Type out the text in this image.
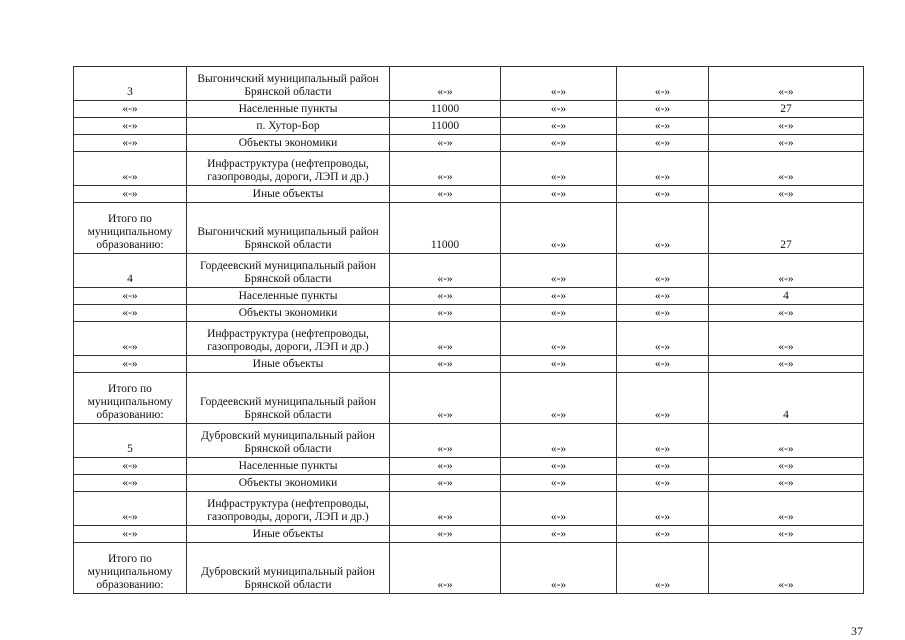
3	Выгоничский муниципальный район Брянской области	«-»	«-»	«-»	«-»
«-»	Населенные пункты	11000	«-»	«-»	27
«-»	п. Хутор-Бор	11000	«-»	«-»	«-»
«-»	Объекты экономики	«-»	«-»	«-»	«-»
«-»	Инфраструктура (нефтепроводы, газопроводы, дороги, ЛЭП и др.)	«-»	«-»	«-»	«-»
«-»	Иные объекты	«-»	«-»	«-»	«-»
Итого по муниципальному образованию:	Выгоничский муниципальный район Брянской области	11000	«-»	«-»	27
4	Гордеевский муниципальный район Брянской области	«-»	«-»	«-»	«-»
«-»	Населенные пункты	«-»	«-»	«-»	4
«-»	Объекты экономики	«-»	«-»	«-»	«-»
«-»	Инфраструктура (нефтепроводы, газопроводы, дороги, ЛЭП и др.)	«-»	«-»	«-»	«-»
«-»	Иные объекты	«-»	«-»	«-»	«-»
Итого по муниципальному образованию:	Гордеевский муниципальный район Брянской области	«-»	«-»	«-»	4
5	Дубровский муниципальный район Брянской области	«-»	«-»	«-»	«-»
«-»	Населенные пункты	«-»	«-»	«-»	«-»
«-»	Объекты экономики	«-»	«-»	«-»	«-»
«-»	Инфраструктура (нефтепроводы, газопроводы, дороги, ЛЭП и др.)	«-»	«-»	«-»	«-»
«-»	Иные объекты	«-»	«-»	«-»	«-»
Итого по муниципальному образованию:	Дубровский муниципальный район Брянской области	«-»	«-»	«-»	«-»
37
